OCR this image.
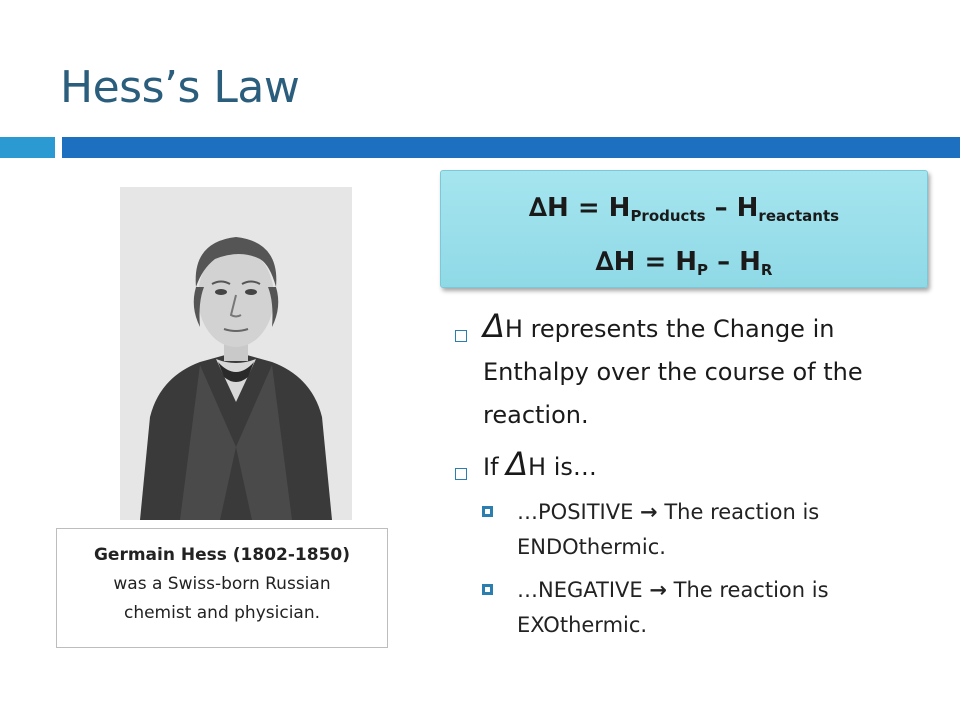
Hess’s Law
Germain Hess (1802-1850)
was a Swiss-born Russian
chemist and physician.
$\Delta H = H_{Products} - H_{reactants}$
$\Delta H = H_P - H_R$
ΔH represents the Change in Enthalpy over the course of the reaction.
If ΔH is…
…POSITIVE → The reaction is ENDOthermic.
…NEGATIVE → The reaction is EXOthermic.
